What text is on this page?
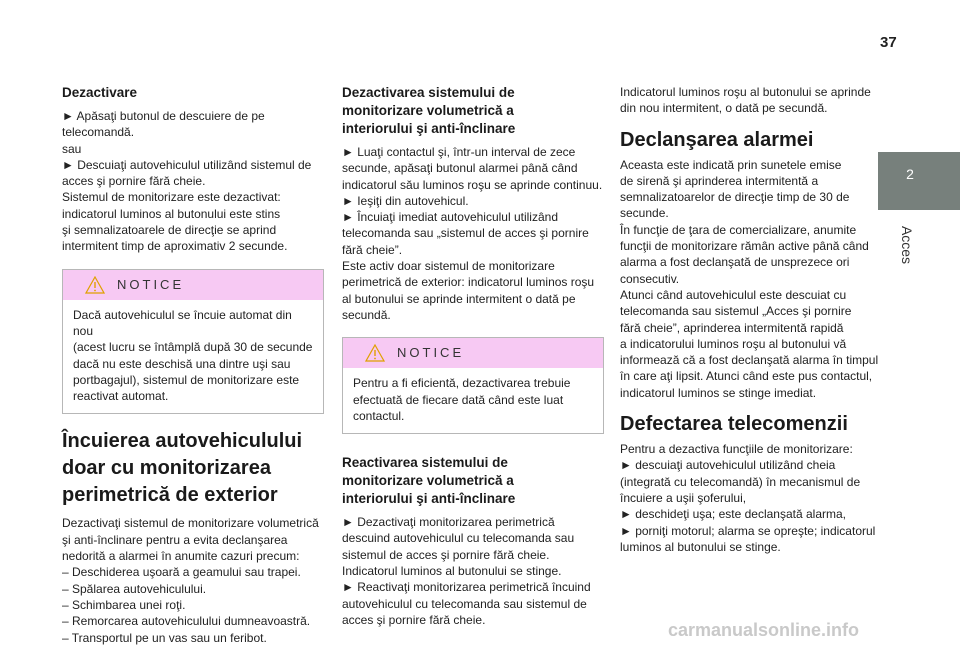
37
2
Acces
Dezactivare
► Apăsaţi butonul de descuiere de pe
telecomandă.
sau
► Descuiaţi autovehiculul utilizând sistemul de
acces şi pornire fără cheie.
Sistemul de monitorizare este dezactivat:
indicatorul luminos al butonului este stins
şi semnalizatoarele de direcţie se aprind
intermitent timp de aproximativ 2 secunde.
NOTICE
Dacă autovehiculul se încuie automat din nou
(acest lucru se întâmplă după 30 de secunde
dacă nu este deschisă una dintre uşi sau
portbagajul), sistemul de monitorizare este
reactivat automat.
Încuierea autovehiculului
doar cu monitorizarea
perimetrică de exterior
Dezactivaţi sistemul de monitorizare volumetrică
şi anti-înclinare pentru a evita declanşarea
nedorită a alarmei în anumite cazuri precum:
– Deschiderea uşoară a geamului sau trapei.
– Spălarea autovehiculului.
– Schimbarea unei roţi.
– Remorcarea autovehiculului dumneavoastră.
– Transportul pe un vas sau un feribot.
Dezactivarea sistemului de
monitorizare volumetrică a
interiorului şi anti-înclinare
► Luaţi contactul şi, într-un interval de zece
secunde, apăsaţi butonul alarmei până când
indicatorul său luminos roşu se aprinde continuu.
► Ieşiţi din autovehicul.
► Încuiaţi imediat autovehiculul utilizând
telecomanda sau „sistemul de acces şi pornire
fără cheie”.
Este activ doar sistemul de monitorizare
perimetrică de exterior: indicatorul luminos roşu
al butonului se aprinde intermitent o dată pe
secundă.
NOTICE
Pentru a fi eficientă, dezactivarea trebuie
efectuată de fiecare dată când este luat
contactul.
Reactivarea sistemului de
monitorizare volumetrică a
interiorului şi anti-înclinare
► Dezactivaţi monitorizarea perimetrică
descuind autovehiculul cu telecomanda sau
sistemul de acces şi pornire fără cheie.
Indicatorul luminos al butonului se stinge.
► Reactivaţi monitorizarea perimetrică încuind
autovehiculul cu telecomanda sau sistemul de
acces şi pornire fără cheie.
Indicatorul luminos roşu al butonului se aprinde
din nou intermitent, o dată pe secundă.
Declanşarea alarmei
Aceasta este indicată prin sunetele emise
de sirenă şi aprinderea intermitentă a
semnalizatoarelor de direcţie timp de 30 de
secunde.
În funcţie de ţara de comercializare, anumite
funcţii de monitorizare rămân active până când
alarma a fost declanşată de unsprezece ori
consecutiv.
Atunci când autovehiculul este descuiat cu
telecomanda sau sistemul „Acces şi pornire
fără cheie”, aprinderea intermitentă rapidă
a indicatorului luminos roşu al butonului vă
informează că a fost declanşată alarma în timpul
în care aţi lipsit. Atunci când este pus contactul,
indicatorul luminos se stinge imediat.
Defectarea telecomenzii
Pentru a dezactiva funcţiile de monitorizare:
► descuiaţi autovehiculul utilizând cheia
(integrată cu telecomandă) în mecanismul de
încuiere a uşii şoferului,
► deschideţi uşa; este declanşată alarma,
► porniţi motorul; alarma se opreşte; indicatorul
luminos al butonului se stinge.
carmanualsonline.info
